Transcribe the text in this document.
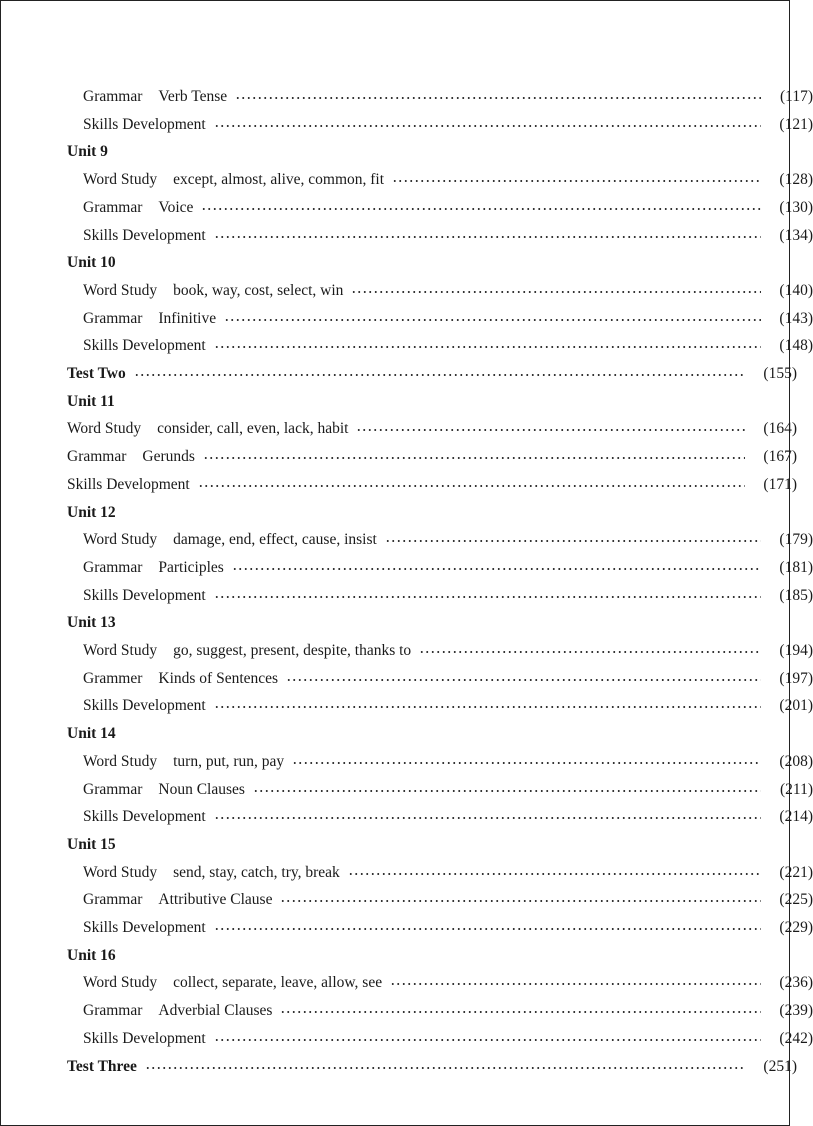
Grammar Verb Tense	(117)
Skills Development	(121)
Unit 9
Word Study except, almost, alive, common, fit	(128)
Grammar Voice	(130)
Skills Development	(134)
Unit 10
Word Study book, way, cost, select, win	(140)
Grammar Infinitive	(143)
Skills Development	(148)
Test Two	(155)
Unit 11
Word Study consider, call, even, lack, habit	(164)
Grammar Gerunds	(167)
Skills Development	(171)
Unit 12
Word Study damage, end, effect, cause, insist	(179)
Grammar Participles	(181)
Skills Development	(185)
Unit 13
Word Study go, suggest, present, despite, thanks to	(194)
Grammer Kinds of Sentences	(197)
Skills Development	(201)
Unit 14
Word Study turn, put, run, pay	(208)
Grammar Noun Clauses	(211)
Skills Development	(214)
Unit 15
Word Study send, stay, catch, try, break	(221)
Grammar Attributive Clause	(225)
Skills Development	(229)
Unit 16
Word Study collect, separate, leave, allow, see	(236)
Grammar Adverbial Clauses	(239)
Skills Development	(242)
Test Three	(251)
